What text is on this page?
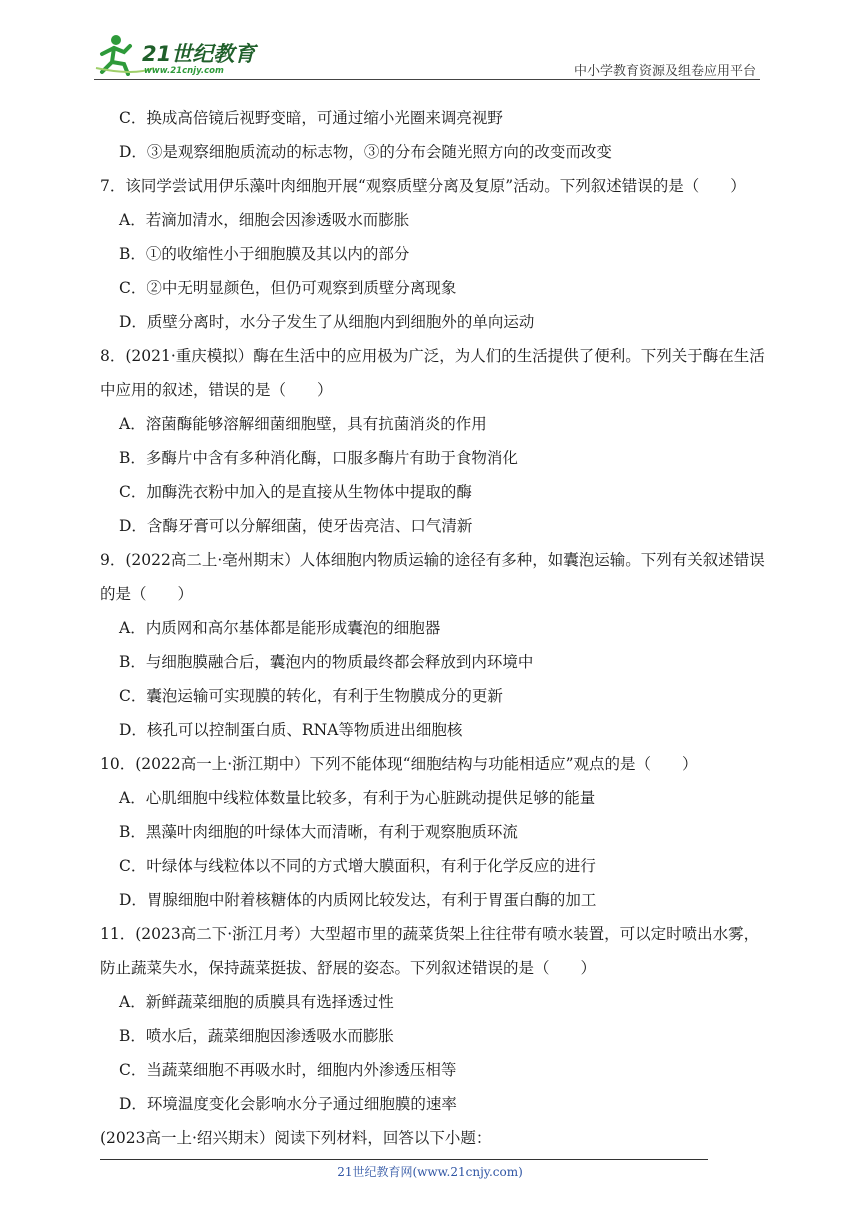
21世纪教育
www.21cnjy.com	中小学教育资源及组卷应用平台
C．换成高倍镜后视野变暗，可通过缩小光圈来调亮视野
D．③是观察细胞质流动的标志物，③的分布会随光照方向的改变而改变
7．该同学尝试用伊乐藻叶肉细胞开展“观察质壁分离及复原”活动。下列叙述错误的是（　　）
A．若滴加清水，细胞会因渗透吸水而膨胀
B．①的收缩性小于细胞膜及其以内的部分
C．②中无明显颜色，但仍可观察到质壁分离现象
D．质壁分离时，水分子发生了从细胞内到细胞外的单向运动
8．(2021·重庆模拟）酶在生活中的应用极为广泛，为人们的生活提供了便利。下列关于酶在生活
中应用的叙述，错误的是（　　）
A．溶菌酶能够溶解细菌细胞壁，具有抗菌消炎的作用
B．多酶片中含有多种消化酶，口服多酶片有助于食物消化
C．加酶洗衣粉中加入的是直接从生物体中提取的酶
D．含酶牙膏可以分解细菌，使牙齿亮洁、口气清新
9．(2022高二上·亳州期末）人体细胞内物质运输的途径有多种，如囊泡运输。下列有关叙述错误
的是（　　）
A．内质网和高尔基体都是能形成囊泡的细胞器
B．与细胞膜融合后，囊泡内的物质最终都会释放到内环境中
C．囊泡运输可实现膜的转化，有利于生物膜成分的更新
D．核孔可以控制蛋白质、RNA等物质进出细胞核
10．(2022高一上·浙江期中）下列不能体现“细胞结构与功能相适应”观点的是（　　）
A．心肌细胞中线粒体数量比较多，有利于为心脏跳动提供足够的能量
B．黑藻叶肉细胞的叶绿体大而清晰，有利于观察胞质环流
C．叶绿体与线粒体以不同的方式增大膜面积，有利于化学反应的进行
D．胃腺细胞中附着核糖体的内质网比较发达，有利于胃蛋白酶的加工
11．(2023高二下·浙江月考）大型超市里的蔬菜货架上往往带有喷水装置，可以定时喷出水雾，
防止蔬菜失水，保持蔬菜挺拔、舒展的姿态。下列叙述错误的是（　　）
A．新鲜蔬菜细胞的质膜具有选择透过性
B．喷水后，蔬菜细胞因渗透吸水而膨胀
C．当蔬菜细胞不再吸水时，细胞内外渗透压相等
D．环境温度变化会影响水分子通过细胞膜的速率
(2023高一上·绍兴期末）阅读下列材料，回答以下小题：
21世纪教育网(www.21cnjy.com)
